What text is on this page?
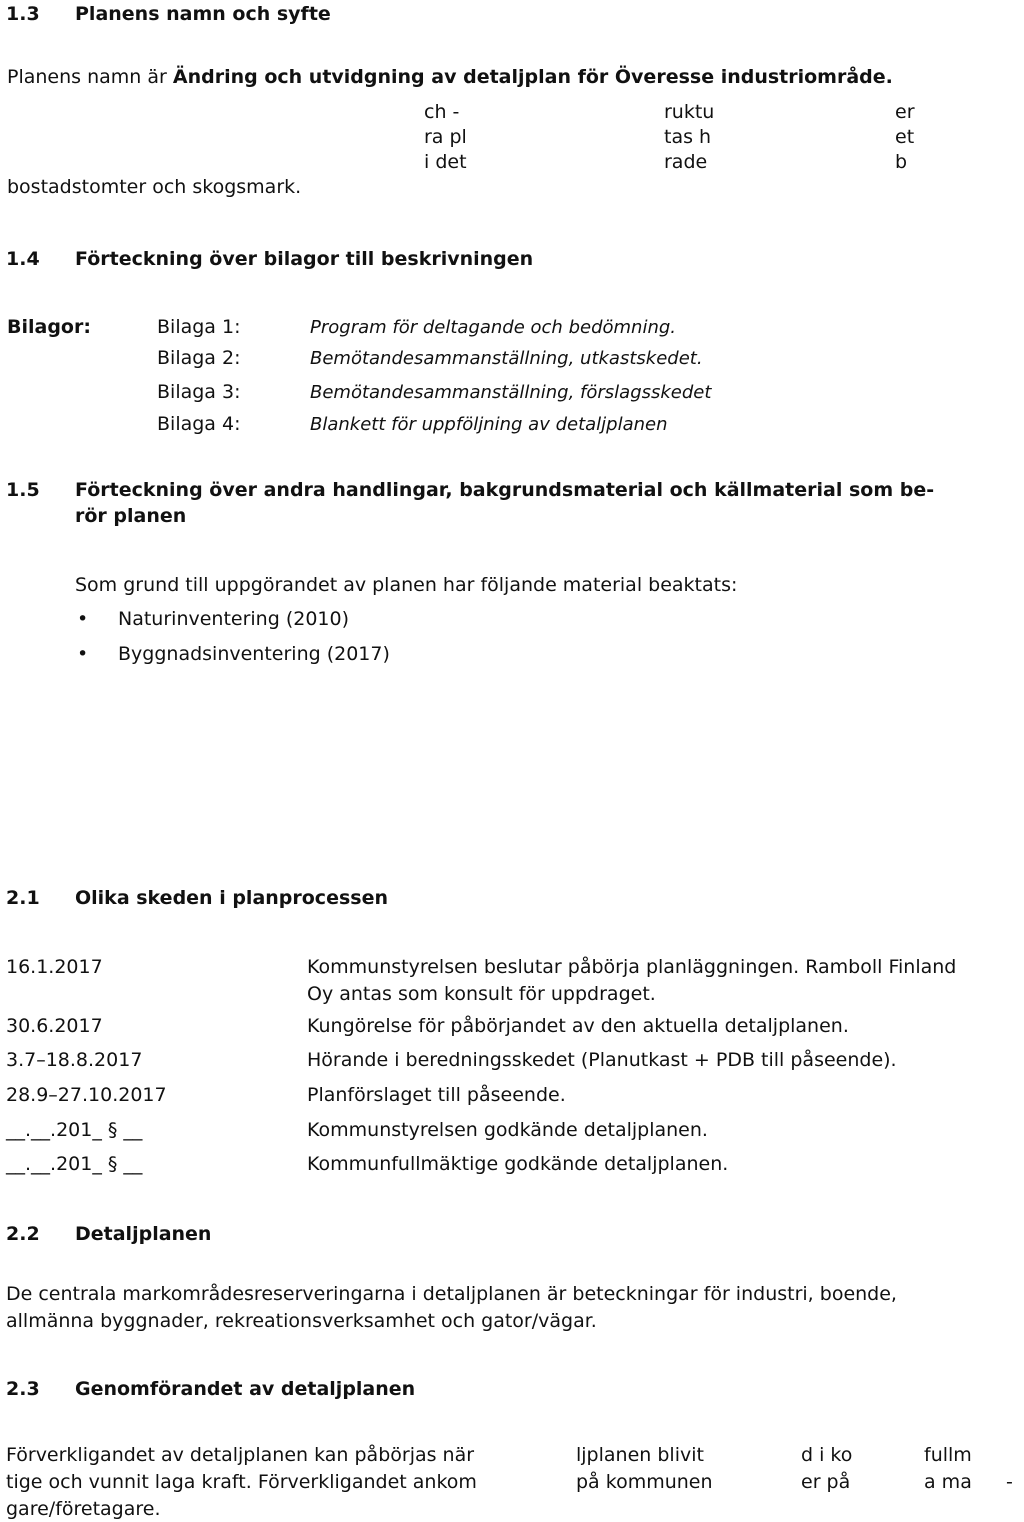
1.3 Planens namn och syfte
Planens namn är Ändring och utvidgning av detaljplan för Överesse industriområde.
ch -	ruktu	er
ra pl	tas h	et
i det	rade	b
bostadstomter och skogsmark.
1.4 Förteckning över bilagor till beskrivningen
Bilagor:	Bilaga 1:	Program för deltagande och bedömning.
Bilaga 2:	Bemötandesammanställning, utkastskedet.
Bilaga 3:	Bemötandesammanställning, förslagsskedet
Bilaga 4:	Blankett för uppföljning av detaljplanen
1.5 Förteckning över andra handlingar, bakgrundsmaterial och källmaterial som be-
rör planen
Som grund till uppgörandet av planen har följande material beaktats:
• Naturinventering (2010)
• Byggnadsinventering (2017)
2.1 Olika skeden i planprocessen
16.1.2017	Kommunstyrelsen beslutar påbörja planläggningen. Ramboll Finland
Oy antas som konsult för uppdraget.
30.6.2017	Kungörelse för påbörjandet av den aktuella detaljplanen.
3.7–18.8.2017	Hörande i beredningsskedet (Planutkast + PDB till påseende).
28.9–27.10.2017	Planförslaget till påseende.
__.__.201_ § __	Kommunstyrelsen godkände detaljplanen.
__.__.201_ § __	Kommunfullmäktige godkände detaljplanen.
2.2 Detaljplanen
De centrala markområdesreserveringarna i detaljplanen är beteckningar för industri, boende,
allmänna byggnader, rekreationsverksamhet och gator/vägar.
2.3 Genomförandet av detaljplanen
Förverkligandet av detaljplanen kan påbörjas när	ljplanen blivit	d i ko	fullm
tige och vunnit laga kraft. Förverkligandet ankom	på kommunen	er på	a ma -
gare/företagare.
